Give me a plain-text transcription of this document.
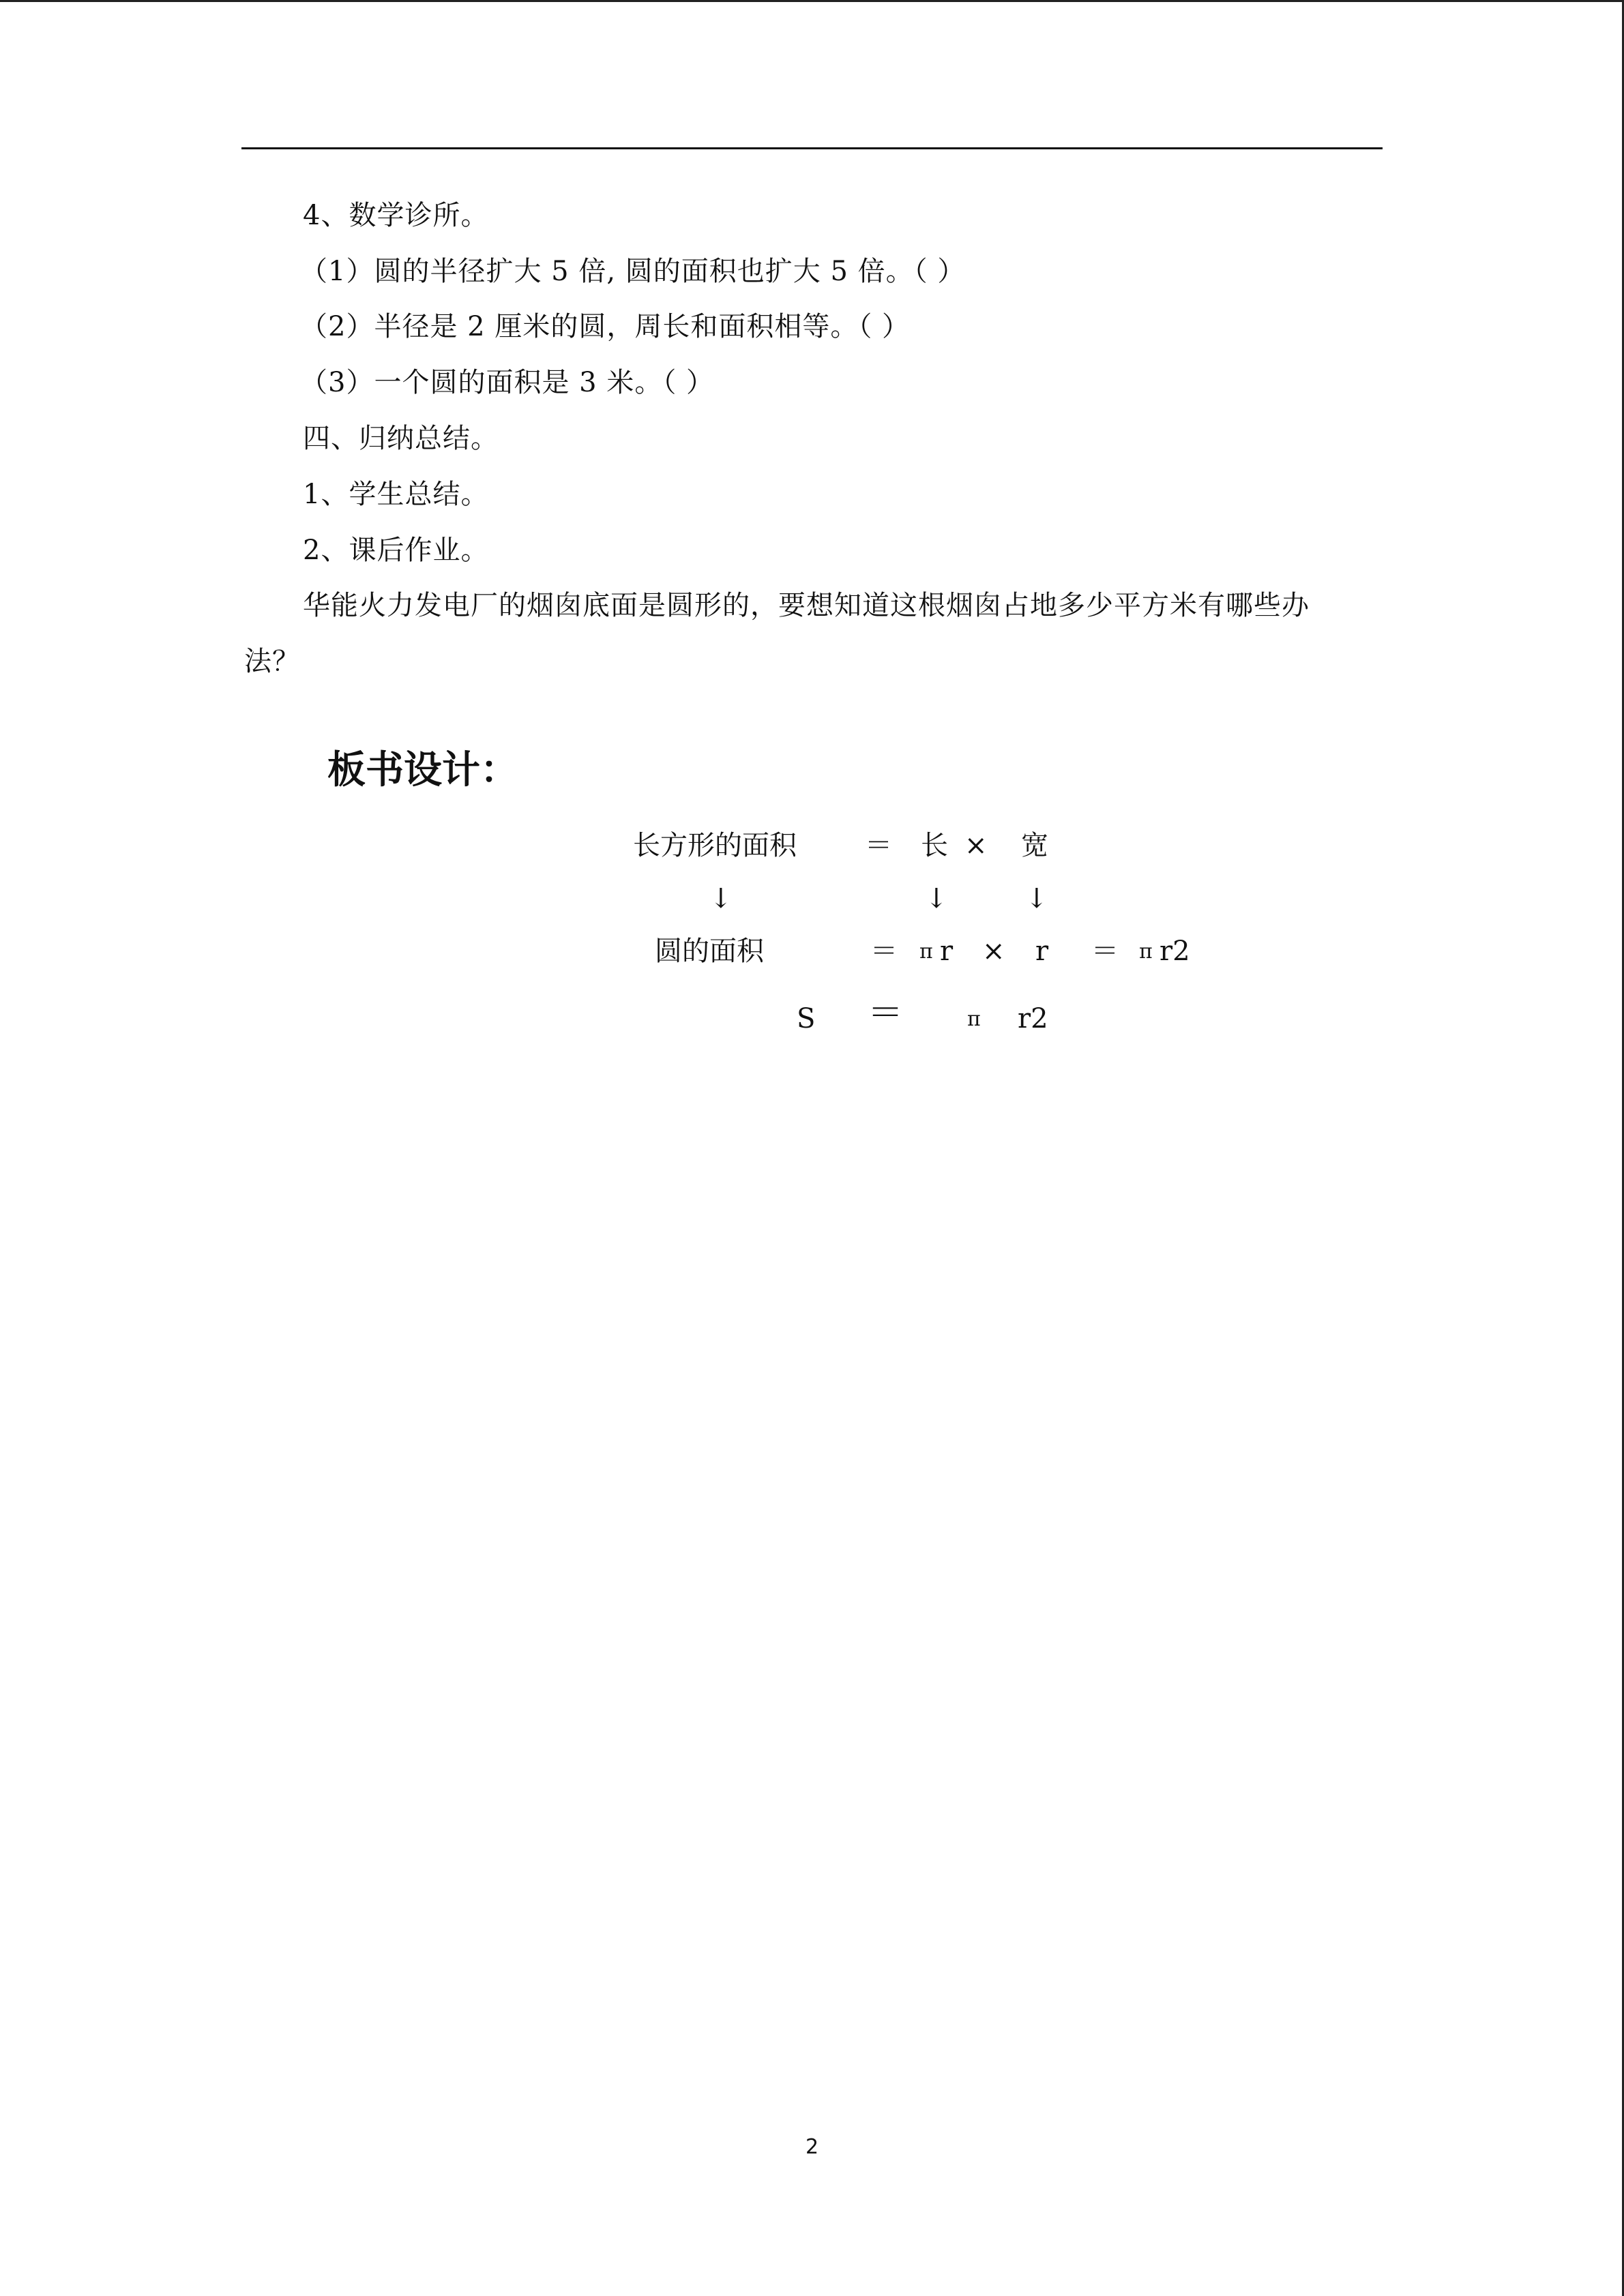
4、数学诊所。
（1）圆的半径扩大 5 倍, 圆的面积也扩大 5 倍。（ ）
（2）半径是 2 厘米的圆，周长和面积相等。（ ）
（3）一个圆的面积是 3 米。（ ）
四、归纳总结。
1、学生总结。
2、课后作业。
华能火力发电厂的烟囱底面是圆形的，要想知道这根烟囱占地多少平方米有哪些办
法？
板书设计：
长方形的面积	＝ 长 × 宽
↓	↓	↓
圆的面积	＝ π r × r ＝ π r2
S ＝	π r2
2
